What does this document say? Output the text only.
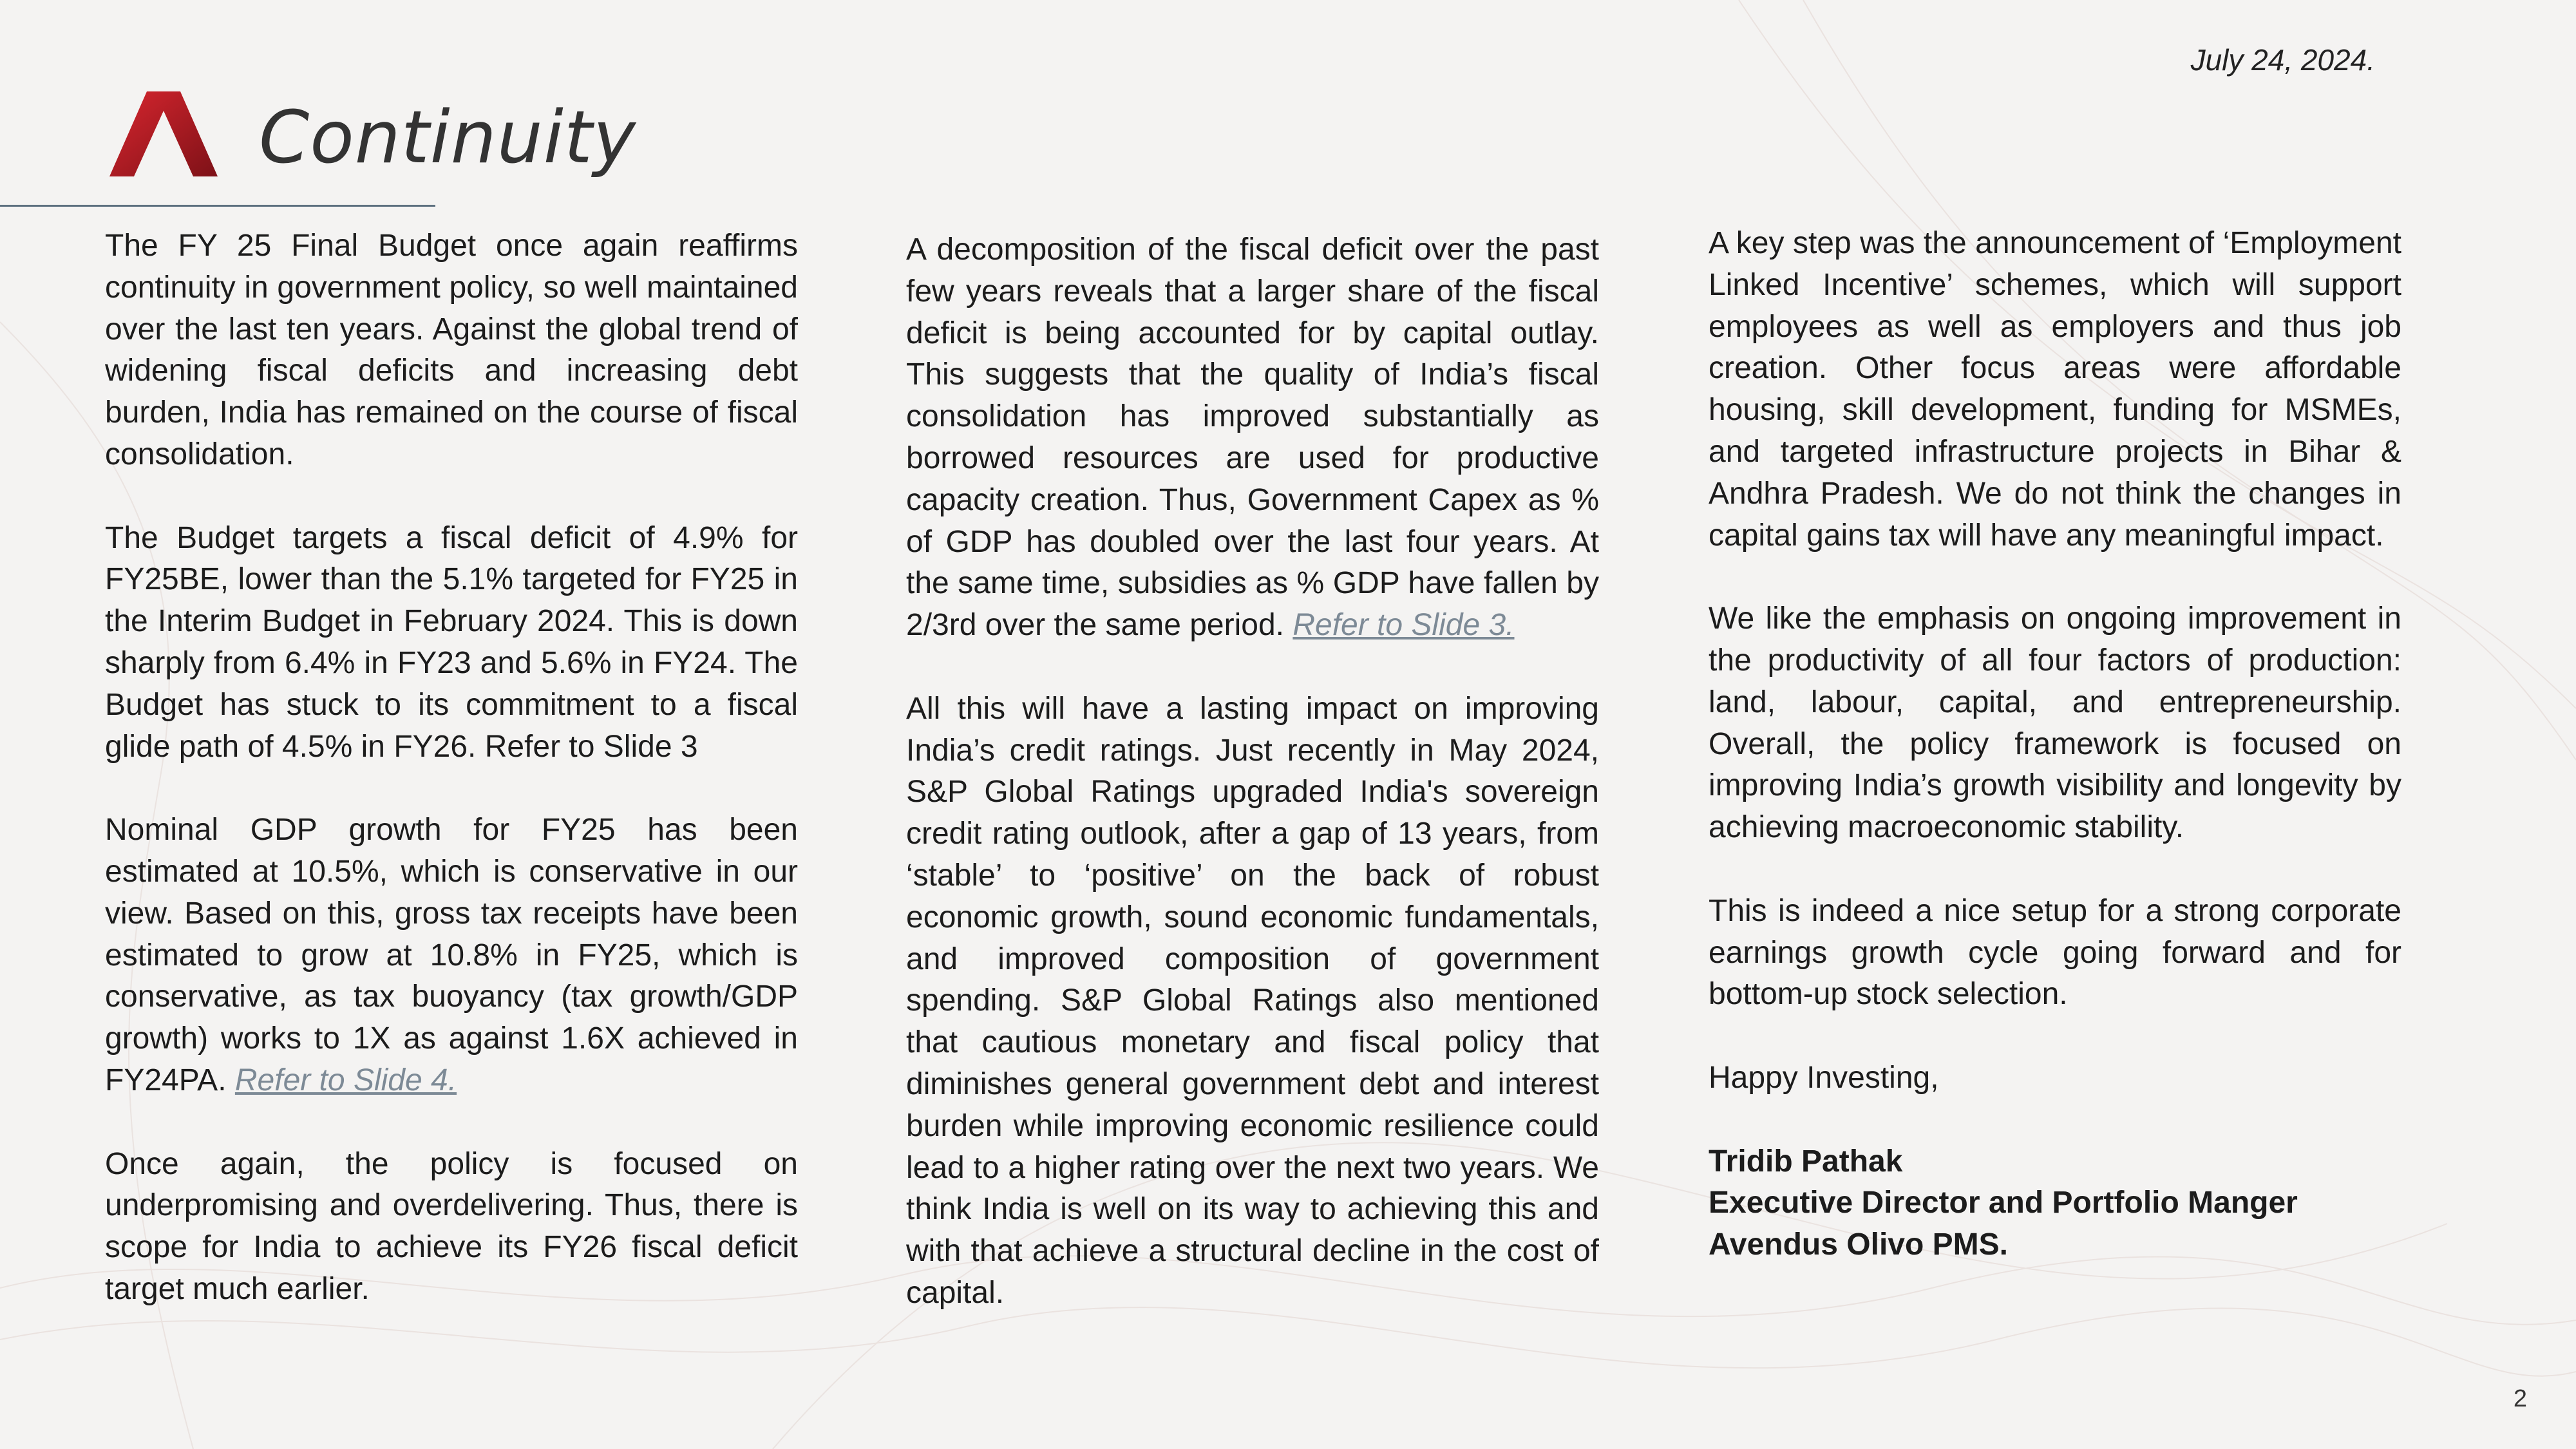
July 24, 2024.
Continuity

The FY 25 Final Budget once again reaffirms continuity in government policy, so well maintained over the last ten years. Against the global trend of widening fiscal deficits and increasing debt burden, India has remained on the course of fiscal consolidation.

The Budget targets a fiscal deficit of 4.9% for FY25BE, lower than the 5.1% targeted for FY25 in the Interim Budget in February 2024. This is down sharply from 6.4% in FY23 and 5.6% in FY24. The Budget has stuck to its commitment to a fiscal glide path of 4.5% in FY26. Refer to Slide 3

Nominal GDP growth for FY25 has been estimated at 10.5%, which is conservative in our view. Based on this, gross tax receipts have been estimated to grow at 10.8% in FY25, which is conservative, as tax buoyancy (tax growth/GDP growth) works to 1X as against 1.6X achieved in FY24PA. Refer to Slide 4.

Once again, the policy is focused on underpromising and overdelivering. Thus, there is scope for India to achieve its FY26 fiscal deficit target much earlier.

A decomposition of the fiscal deficit over the past few years reveals that a larger share of the fiscal deficit is being accounted for by capital outlay. This suggests that the quality of India’s fiscal consolidation has improved substantially as borrowed resources are used for productive capacity creation. Thus, Government Capex as % of GDP has doubled over the last four years. At the same time, subsidies as % GDP have fallen by 2/3rd over the same period. Refer to Slide 3.

All this will have a lasting impact on improving India’s credit ratings. Just recently in May 2024, S&P Global Ratings upgraded India's sovereign credit rating outlook, after a gap of 13 years, from ‘stable’ to ‘positive’ on the back of robust economic growth, sound economic fundamentals, and improved composition of government spending. S&P Global Ratings also mentioned that cautious monetary and fiscal policy that diminishes general government debt and interest burden while improving economic resilience could lead to a higher rating over the next two years. We think India is well on its way to achieving this and with that achieve a structural decline in the cost of capital.

A key step was the announcement of ‘Employment Linked Incentive’ schemes, which will support employees as well as employers and thus job creation. Other focus areas were affordable housing, skill development, funding for MSMEs, and targeted infrastructure projects in Bihar & Andhra Pradesh. We do not think the changes in capital gains tax will have any meaningful impact.

We like the emphasis on ongoing improvement in the productivity of all four factors of production: land, labour, capital, and entrepreneurship. Overall, the policy framework is focused on improving India’s growth visibility and longevity by achieving macroeconomic stability.

This is indeed a nice setup for a strong corporate earnings growth cycle going forward and for bottom-up stock selection.

Happy Investing,

Tridib Pathak

Executive Director and Portfolio Manger

Avendus Olivo PMS.

2
